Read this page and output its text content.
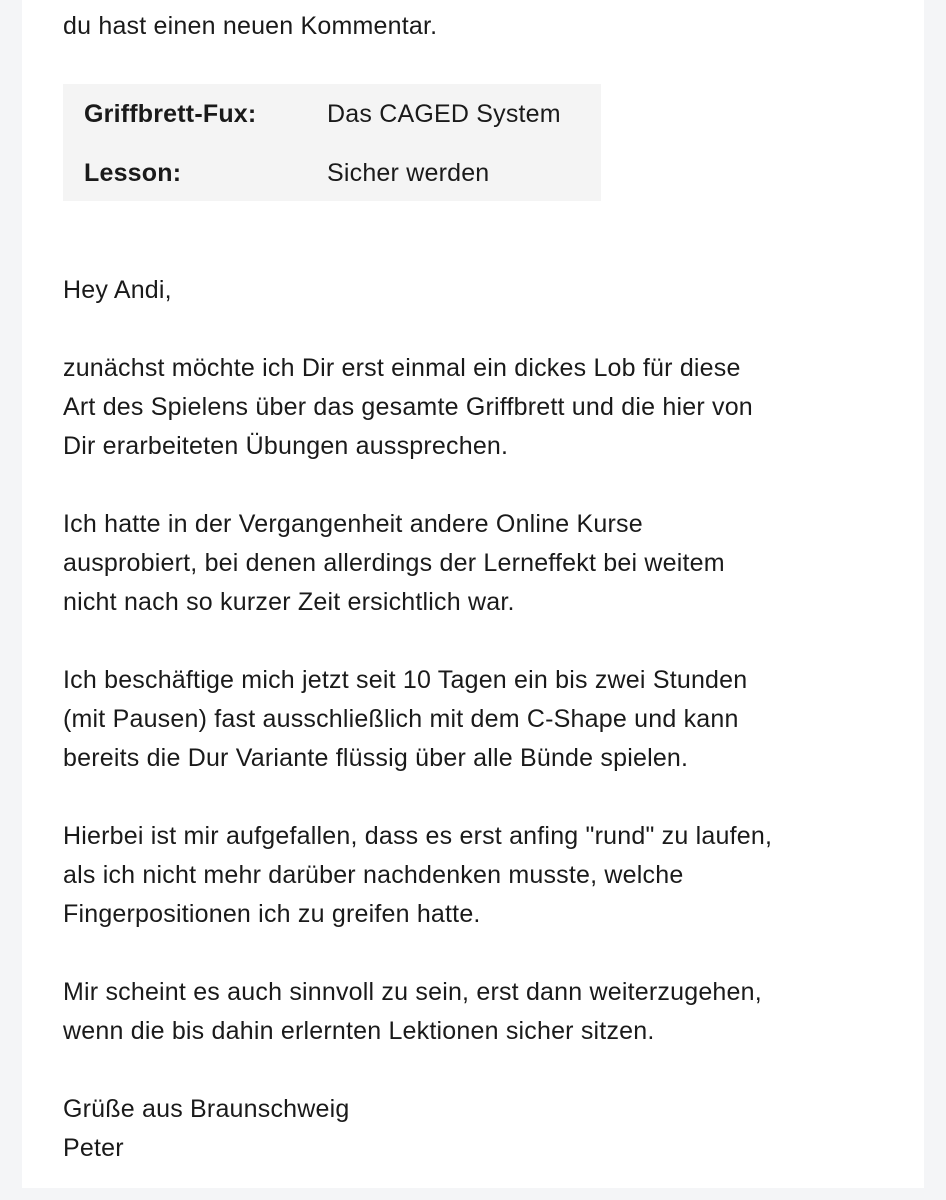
du hast einen neuen Kommentar.

Griffbrett-Fux:	Das CAGED System
Lesson:	Sicher werden

Hey Andi,

zunächst möchte ich Dir erst einmal ein dickes Lob für diese
Art des Spielens über das gesamte Griffbrett und die hier von
Dir erarbeiteten Übungen aussprechen.

Ich hatte in der Vergangenheit andere Online Kurse
ausprobiert, bei denen allerdings der Lerneffekt bei weitem
nicht nach so kurzer Zeit ersichtlich war.

Ich beschäftige mich jetzt seit 10 Tagen ein bis zwei Stunden
(mit Pausen) fast ausschließlich mit dem C-Shape und kann
bereits die Dur Variante flüssig über alle Bünde spielen.

Hierbei ist mir aufgefallen, dass es erst anfing "rund" zu laufen,
als ich nicht mehr darüber nachdenken musste, welche
Fingerpositionen ich zu greifen hatte.

Mir scheint es auch sinnvoll zu sein, erst dann weiterzugehen,
wenn die bis dahin erlernten Lektionen sicher sitzen.

Grüße aus Braunschweig
Peter
